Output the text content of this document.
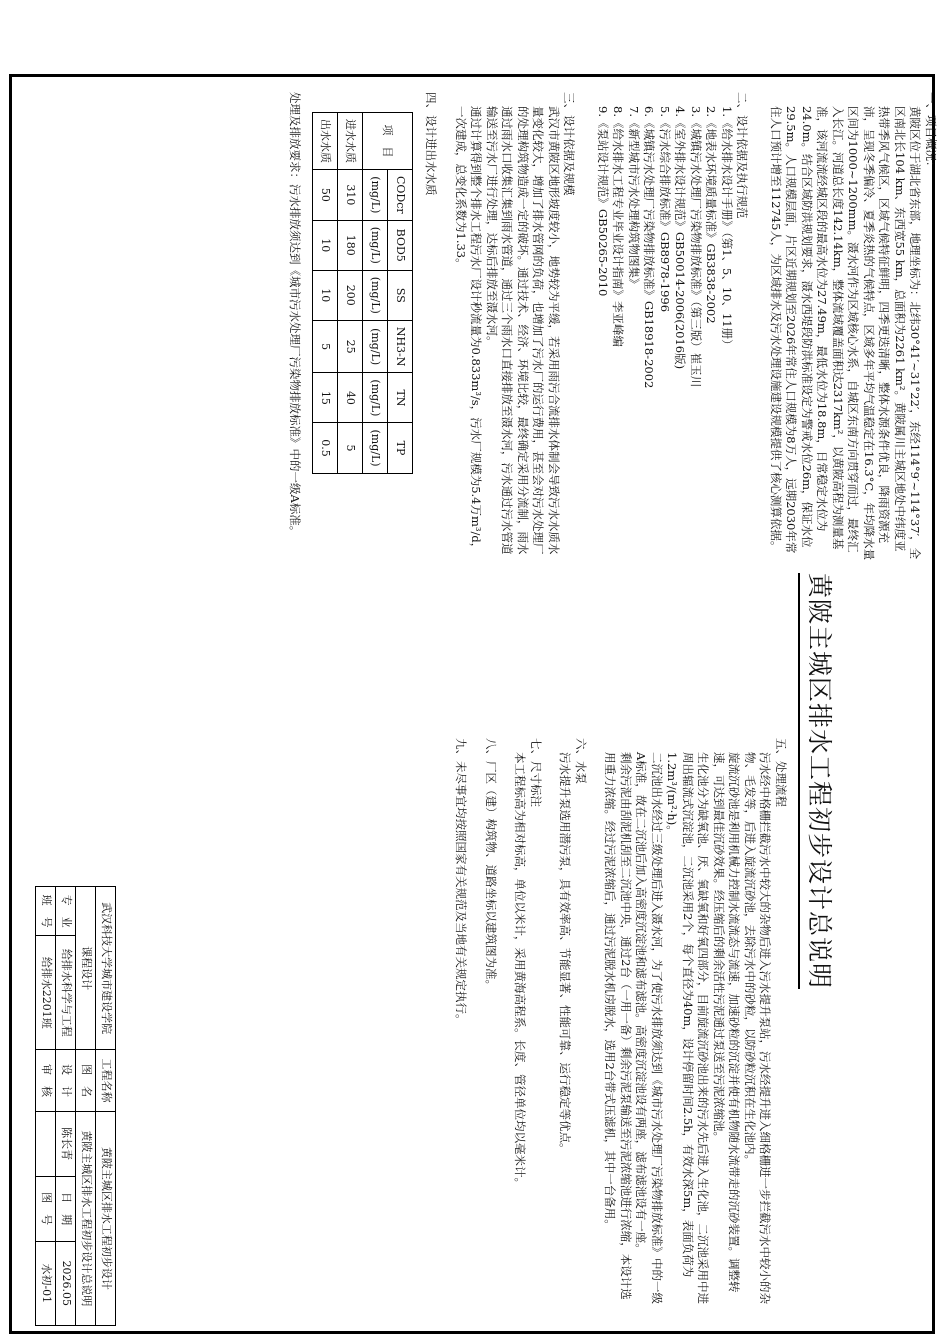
黄陂主城区排水工程初步设计总说明

一、项目概况：

黄陂区位于湖北省东部，地理坐标为：北纬30°41′~31°22′，东经114°9′~114°37′，全区南北长104 km、东西宽55 km，总面积为2261 km²。黄陂属川主城区地处中纬度亚热带季风气候区，区域气候特征鲜明，四季更迭清晰，整体水源条件优良，降雨资源充沛，呈现冬季偏冷、夏季炎热的气候特点，区域多年平均气温稳定在16.3°C，年均降水量区间为1000~1200mm。滠水河作为区域核心水系，自城区东南方向贯穿而过，最终汇入长江。河道总长度142.14km，整体流域覆盖面积达2317km²，以黄陂高程为测量基准，该河流流经城区段的最高水位为27.49m，最低水位为18.8m，日常稳定水位为24.0m。结合区域防洪规划要求，滠水西堤段防洪标准设定为警戒水位26m，保证水位29.5m。人口规模层面，片区近期规划至2026年常住人口规模为8万人，远期2030年常住人口预计增至112745人，为区域排水及污水处理设施建设规模提供了核心测算依据。

二、设计依据及执行规范

1.《给水排水设计手册》（第1、5、10、11册）

2.《地表水环境质量标准》GB3838-2002

3.《城镇污水处理厂污染物排放标准》（第三版）崔玉川

4.《室外排水设计规范》GB50014-2006(2016版)

5.《污水综合排放标准》GB8978-1996

6.《城镇污水处理厂污染物排放标准》GB18918-2002

7.《新型城市污水处理构筑物图集》

8.《给水排水工程专业毕业设计指南》李亚峰编

9.《泵站设计规范》GB50265-2010

三、设计依据及规模

武汉市黄陂区地形坡度较小，地势较为平缓，若采用雨污合流排水体制会导致污水水质水量变化较大，增加了排水管网的负荷，也增加了污水厂的运行费用，甚至会对污水处理厂的处理构筑物造成一定的破坏。通过技术、经济、环境比较，最终确定采用分流制，雨水通过雨水口收集汇集到雨水管道，通过三个雨水口直接排放至滠水河，污水通过污水管道输送至污水厂进行处理，达标后排放至滠水河。

通过计算得到整个排水工程污水厂设计秒流量为0.833m³/s，污水厂规模为5.4万m³/d，一次建成，总变化系数为1.33。

四、设计进出水水质

项　目	CODcr	BOD5	SS	NH3-N	TN	TP
	(mg/L)	(mg/L)	(mg/L)	(mg/L)	(mg/L)	(mg/L)
进水水质	310	180	200	25	40	5
出水水质	50	10	10	5	15	0.5

处理及排放要求：污水排放须达到《城市污水处理厂污染物排放标准》中的一级A标准。

五、处理流程

污水经中格栅拦截污水中较大的杂物后进入污水提升泵站，污水经提升进入细格栅进一步拦截污水中较小的杂物、毛发等，后进入旋流沉砂池，去除污水中的砂粒，以防砂粒沉积在生化池内。

旋流沉砂池是利用机械力控制水流流态与流速，加速砂粒的沉淀并使有机物随水流带走的沉砂装置。调整转速，可达到最佳沉砂效果。经压缩后的剩余活性污泥通过泵送至污泥浓缩池。

生化池分为缺氧池、厌、氧缺氧和好氧四部分，目前旋流沉砂池出来的污水先后进入生化池，二沉池采用中进周出辐流式沉淀池，二沉池采用2个，每个直径为40m，设计停留时间2.5h，有效水深5m，表面负荷为1.2m³/(m²·h)。

二沉池出水经过三级处理后进入滠水河，为了使污水排放须达到《城市污水处理厂污染物排放标准》中的一级A标准，故在二沉池后加入高密度沉淀池和滤布滤池。高密度沉淀池设有两座，滤布滤池设有一座。

剩余污泥由刮泥机刮至二沉池中央，通过2台（一用一备）剩余污泥泵输送至污泥浓缩池进行浓缩，本设计选用重力浓缩。经过污泥浓缩后，通过污泥脱水机房脱水，选用2台带式压滤机，其中一台备用。

六、水泵

污水提升泵选用潜污泵，具有效率高、节能显著、性能可靠、运行稳定等优点。

七、尺寸标注

本工程标高为相对标高，单位以米计，采用黄海高程系。长度、管径单位均以毫米计。

八、厂区（建）构筑物、道路坐标以建筑图为准。

九、未尽事宜均按照国家有关规范及当地有关规定执行。

武汉科技大学城市建设学院		工程名称	黄陂主城区排水工程初步设计		
课程设计		图　名	黄陂主城区排水工程初步设计总说明		
专　业	给排水科学与工程	设　计	陈长青	日　期	2026.05
班　号	给排水2201班	审　核		图　号	水初-01
